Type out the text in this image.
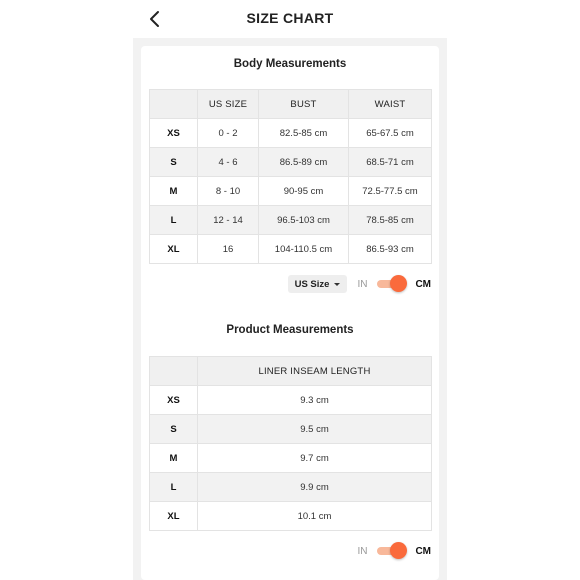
SIZE CHART
Body Measurements
	US SIZE	BUST	WAIST
XS	0 - 2	82.5-85 cm	65-67.5 cm
S	4 - 6	86.5-89 cm	68.5-71 cm
M	8 - 10	90-95 cm	72.5-77.5 cm
L	12 - 14	96.5-103 cm	78.5-85 cm
XL	16	104-110.5 cm	86.5-93 cm
US Size	IN	CM
Product Measurements
	LINER INSEAM LENGTH
XS	9.3 cm
S	9.5 cm
M	9.7 cm
L	9.9 cm
XL	10.1 cm
IN	CM
